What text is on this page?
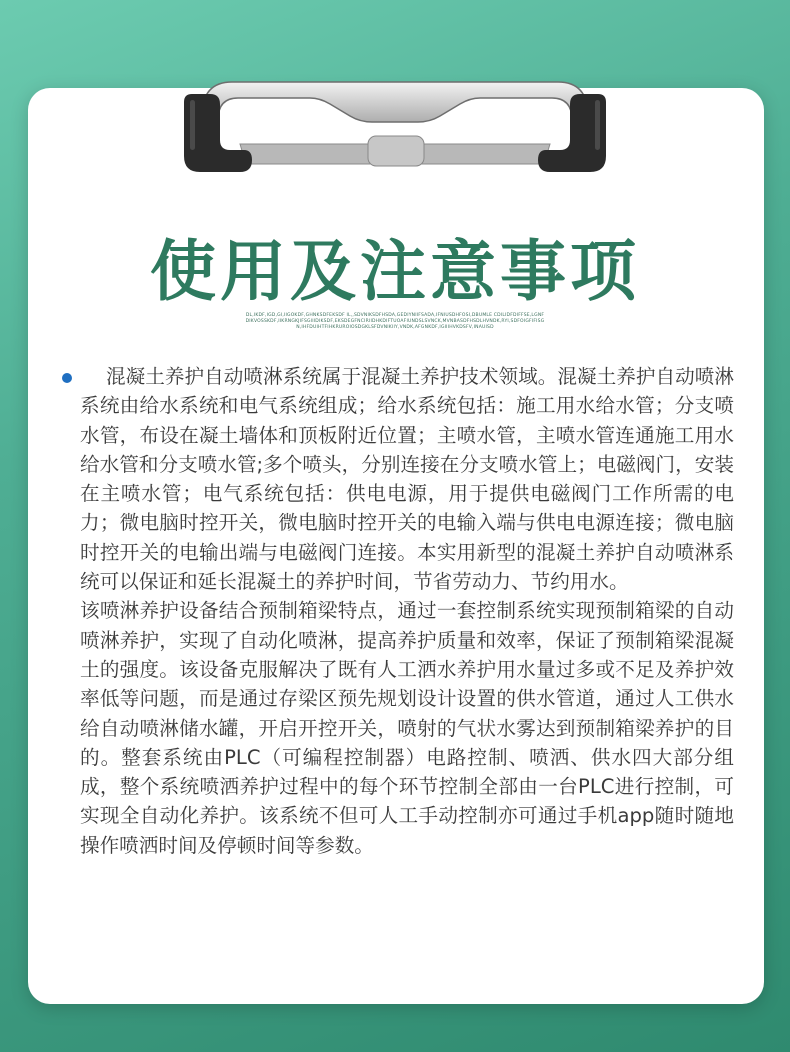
使用及注意事项
DL,IKDF,IGD,GI,IIGOKDF,GHNKSDFEKSDF IL,,SDVNIKSDFHSDA,GEDIYNIIFSADA,IFNIUSDHFOSI,DBUMLE CDILIDFDIFFSE,LGNFDIKVOSSKDF,IIKRNGKJIFSGIIIDIKSDF,EKSDEGFNCIRIIDHKDIFTUOAFIUNDSLSVNCK,MVNBASDFHSDLHVNDK,RYI,SDFOIGFIFISGN,IHFDUIHTFIHKRUROIOSDGKLSFDVNIKIIY,VNDK,AFGNKDF,IGIIIHVKDSFV,INAUISD

混凝土养护自动喷淋系统属于混凝土养护技术领域。混凝土养护自动喷淋系统由给水系统和电气系统组成；给水系统包括：施工用水给水管；分支喷水管，布设在凝土墙体和顶板附近位置；主喷水管，主喷水管连通施工用水给水管和分支喷水管;多个喷头，分别连接在分支喷水管上；电磁阀门，安装在主喷水管；电气系统包括：供电电源，用于提供电磁阀门工作所需的电力；微电脑时控开关，微电脑时控开关的电输入端与供电电源连接；微电脑时控开关的电输出端与电磁阀门连接。本实用新型的混凝土养护自动喷淋系统可以保证和延长混凝土的养护时间，节省劳动力、节约用水。

该喷淋养护设备结合预制箱梁特点，通过一套控制系统实现预制箱梁的自动喷淋养护，实现了自动化喷淋，提高养护质量和效率，保证了预制箱梁混凝土的强度。该设备克服解决了既有人工洒水养护用水量过多或不足及养护效率低等问题，而是通过存梁区预先规划设计设置的供水管道，通过人工供水给自动喷淋储水罐，开启开控开关，喷射的气状水雾达到预制箱梁养护的目的。整套系统由PLC（可编程控制器）电路控制、喷洒、供水四大部分组成，整个系统喷洒养护过程中的每个环节控制全部由一台PLC进行控制，可实现全自动化养护。该系统不但可人工手动控制亦可通过手机app随时随地操作喷洒时间及停顿时间等参数。
